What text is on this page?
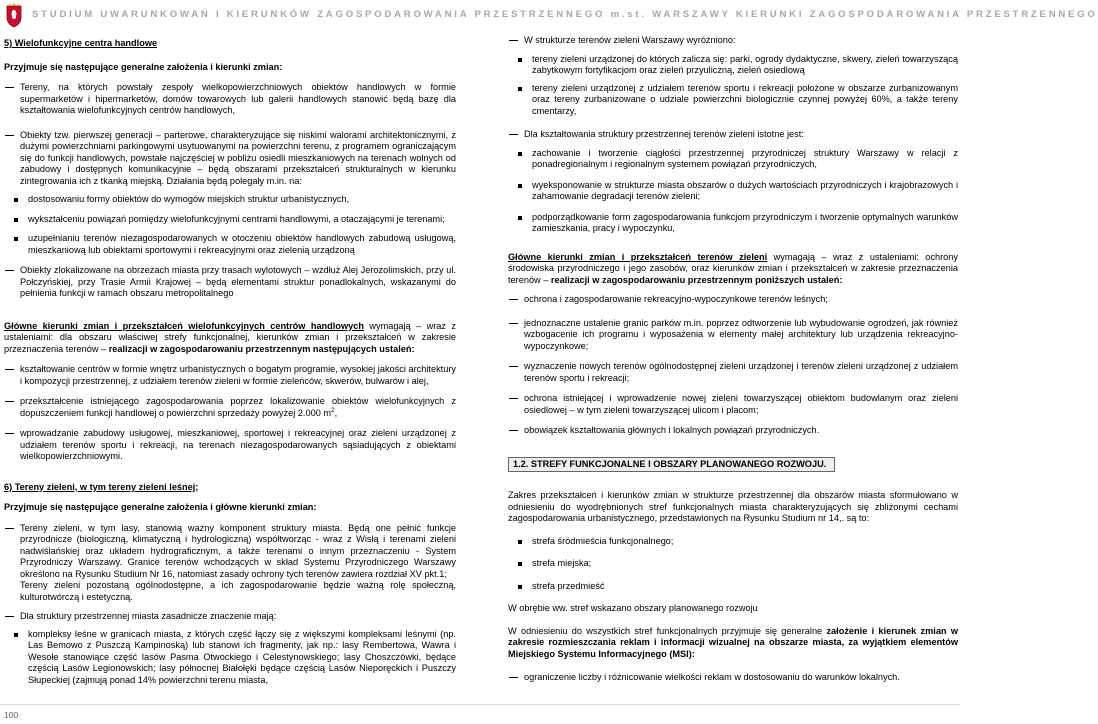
STUDIUM UWARUNKOWAŃ I KIERUNKÓW ZAGOSPODAROWANIA PRZESTRZENNEGO m.st. WARSZAWY KIERUNKI ZAGOSPODAROWANIA PRZESTRZENNEGO

5) Wielofunkcyjne centra handlowe

Przyjmuje się następujące generalne założenia i kierunki zmian:

Tereny, na których powstały zespoły wielkopowierzchniowych obiektów handlowych w formie supermarketów i hipermarketów, domów towarowych lub galerii handlowych stanowić będą bazę dla kształtowania wielofunkcyjnych centrów handlowych,

Obiekty tzw. pierwszej generacji – parterowe, charakteryzujące się niskimi walorami architektonicznymi, z dużymi powierzchniami parkingowymi usytuowanymi na powierzchni terenu, z programem ograniczającym się do funkcji handlowych, powstałe najczęściej w pobliżu osiedli mieszkaniowych na terenach wolnych od zabudowy i dostępnych komunikacyjnie – będą obszarami przekształceń strukturalnych w kierunku zintegrowania ich z tkanką miejską. Działania będą polegały m.in. na:

dostosowaniu formy obiektów do wymogów miejskich struktur urbanistycznych,

wykształceniu powiązań pomiędzy wielofunkcyjnymi centrami handlowymi, a otaczającymi je terenami;

uzupełnianiu terenów niezagospodarowanych w otoczeniu obiektów handlowych zabudową usługową, mieszkaniową lub obiektami sportowymi i rekreacyjnymi oraz zielenią urządzoną

Obiekty zlokalizowane na obrzeżach miasta przy trasach wylotowych – wzdłuż Alej Jerozolimskich, przy ul. Połczyńskiej, przy Trasie Armii Krajowej – będą elementami struktur ponadlokalnych, wskazanymi do pełnienia funkcji w ramach obszaru metropolitalnego

Główne kierunki zmian i przekształceń wielofunkcyjnych centrów handlowych wymagają – wraz z ustaleniami: dla obszaru właściwej strefy funkcjonalnej, kierunków zmian i przekształceń w zakresie przeznaczenia terenów – realizacji w zagospodarowaniu przestrzennym następujących ustaleń:

kształtowanie centrów w formie wnętrz urbanistycznych o bogatym programie, wysokiej jakości architektury i kompozycji przestrzennej, z udziałem terenów zieleni w formie zieleńców, skwerów, bulwarów i alej,

przekształcenie istniejącego zagospodarowania poprzez lokalizowanie obiektów wielofunkcyjnych z dopuszczeniem funkcji handlowej o powierzchni sprzedaży powyżej 2.000 $m^2$,

wprowadzanie zabudowy usługowej, mieszkaniowej, sportowej i rekreacyjnej oraz zieleni urządzonej z udziałem terenów sportu i rekreacji, na terenach niezagospodarowanych sąsiadujących z obiektami wielkopowierzchniowymi.

6) Tereny zieleni, w tym tereny zieleni leśnej;

Przyjmuje się następujące generalne założenia i główne kierunki zmian:

Tereny zieleni, w tym lasy, stanowią ważny komponent struktury miasta. Będą one pełnić funkcje przyrodnicze (biologiczną, klimatyczną i hydrologiczną) współtworząc - wraz z Wisłą i terenami zieleni nadwiślańskiej oraz układem hydrograficznym, a także terenami o innym przeznaczeniu - System Przyrodniczy Warszawy. Granice terenów wchodzących w skład Systemu Przyrodniczego Warszawy określono na Rysunku Studium Nr 16, natomiast zasady ochrony tych terenów zawiera rozdział XV pkt.1;

Tereny zieleni pozostaną ogólnodostępne, a ich zagospodarowanie będzie ważną rolę społeczną, kulturotwórczą i estetyczną.

Dla struktury przestrzennej miasta zasadnicze znaczenie mają:

kompleksy leśne w granicach miasta, z których część łączy się z większymi kompleksami leśnymi (np. Las Bemowo z Puszczą Kampinoską) lub stanowi ich fragmenty, jak np.: lasy Rembertowa, Wawra i Wesołe stanowiące część lasów Pasma Otwockiego i Celestynowskiego; lasy Choszczówki, będące częścią Lasów Legionowskich; lasy północnej Białołęki będące częścią Lasów Nieporęckich i Puszczy Słupeckiej (zajmują ponad 14% powierzchni terenu miasta,

W strukturze terenów zieleni Warszawy wyróżniono:

tereny zieleni urządzonej do których zalicza się: parki, ogrody dydaktyczne, skwery, zieleń towarzyszącą zabytkowym fortyfikacjom oraz zieleń przyuliczną, zieleń osiedlową

tereny zieleni urządzonej z udziałem terenów sportu i rekreacji położone w obszarze zurbanizowanym oraz tereny zurbanizowane o udziale powierzchni biologicznie czynnej powyżej 60%, a także tereny cmentarzy,

Dla kształtowania struktury przestrzennej terenów zieleni istotne jest:

zachowanie i tworzenie ciągłości przestrzennej przyrodniczej struktury Warszawy w relacji z ponadregionalnym i regionalnym systemem powiązań przyrodniczych,

wyeksponowanie w strukturze miasta obszarów o dużych wartościach przyrodniczych i krajobrazowych i zahamowanie degradacji terenów zieleni;

podporządkowanie form zagospodarowania funkcjom przyrodniczym i tworzenie optymalnych warunków zamieszkania, pracy i wypoczynku,

Główne kierunki zmian i przekształceń terenów zieleni wymagają – wraz z ustaleniami: ochrony środowiska przyrodniczego i jego zasobów, oraz kierunków zmian i przekształceń w zakresie przeznaczenia terenów – realizacji w zagospodarowaniu przestrzennym poniższych ustaleń:

ochrona i zagospodarowanie rekreacyjno-wypoczynkowe terenów leśnych;

jednoznaczne ustalenie granic parków m.in. poprzez odtworzenie lub wybudowanie ogrodzeń, jak również wzbogacenie ich programu i wyposażenia w elementy małej architektury lub urządzenia rekreacyjno-wypoczynkowe;

wyznaczenie nowych terenów ogólnodostępnej zieleni urządzonej i terenów zieleni urządzonej z udziałem terenów sportu i rekreacji;

ochrona istniejącej i wprowadzenie nowej zieleni towarzyszącej obiektom budowlanym oraz zieleni osiedlowej – w tym zieleni towarzyszącej ulicom i placom;

obowiązek kształtowania głównych i lokalnych powiązań przyrodniczych.

1.2. STREFY FUNKCJONALNE I OBSZARY PLANOWANEGO ROZWOJU.

Zakres przekształceń i kierunków zmian w strukturze przestrzennej dla obszarów miasta sformułowano w odniesieniu do wyodrębnionych stref funkcjonalnych miasta charakteryzujących się zbliżonymi cechami zagospodarowania urbanistycznego, przedstawionych na Rysunku Studium nr 14,. są to:

strefa śródmieścia funkcjonalnego;

strefa miejska;

strefa przedmieść

W obrębie ww. stref wskazano obszary planowanego rozwoju

W odniesieniu do wszystkich stref funkcjonalnych przyjmuje się generalne założenie i kierunek zmian w zakresie rozmieszczania reklam i informacji wizualnej na obszarze miasta, za wyjątkiem elementów Miejskiego Systemu Informacyjnego (MSI):

ograniczenie liczby i różnicowanie wielkości reklam w dostosowaniu do warunków lokalnych.

100
